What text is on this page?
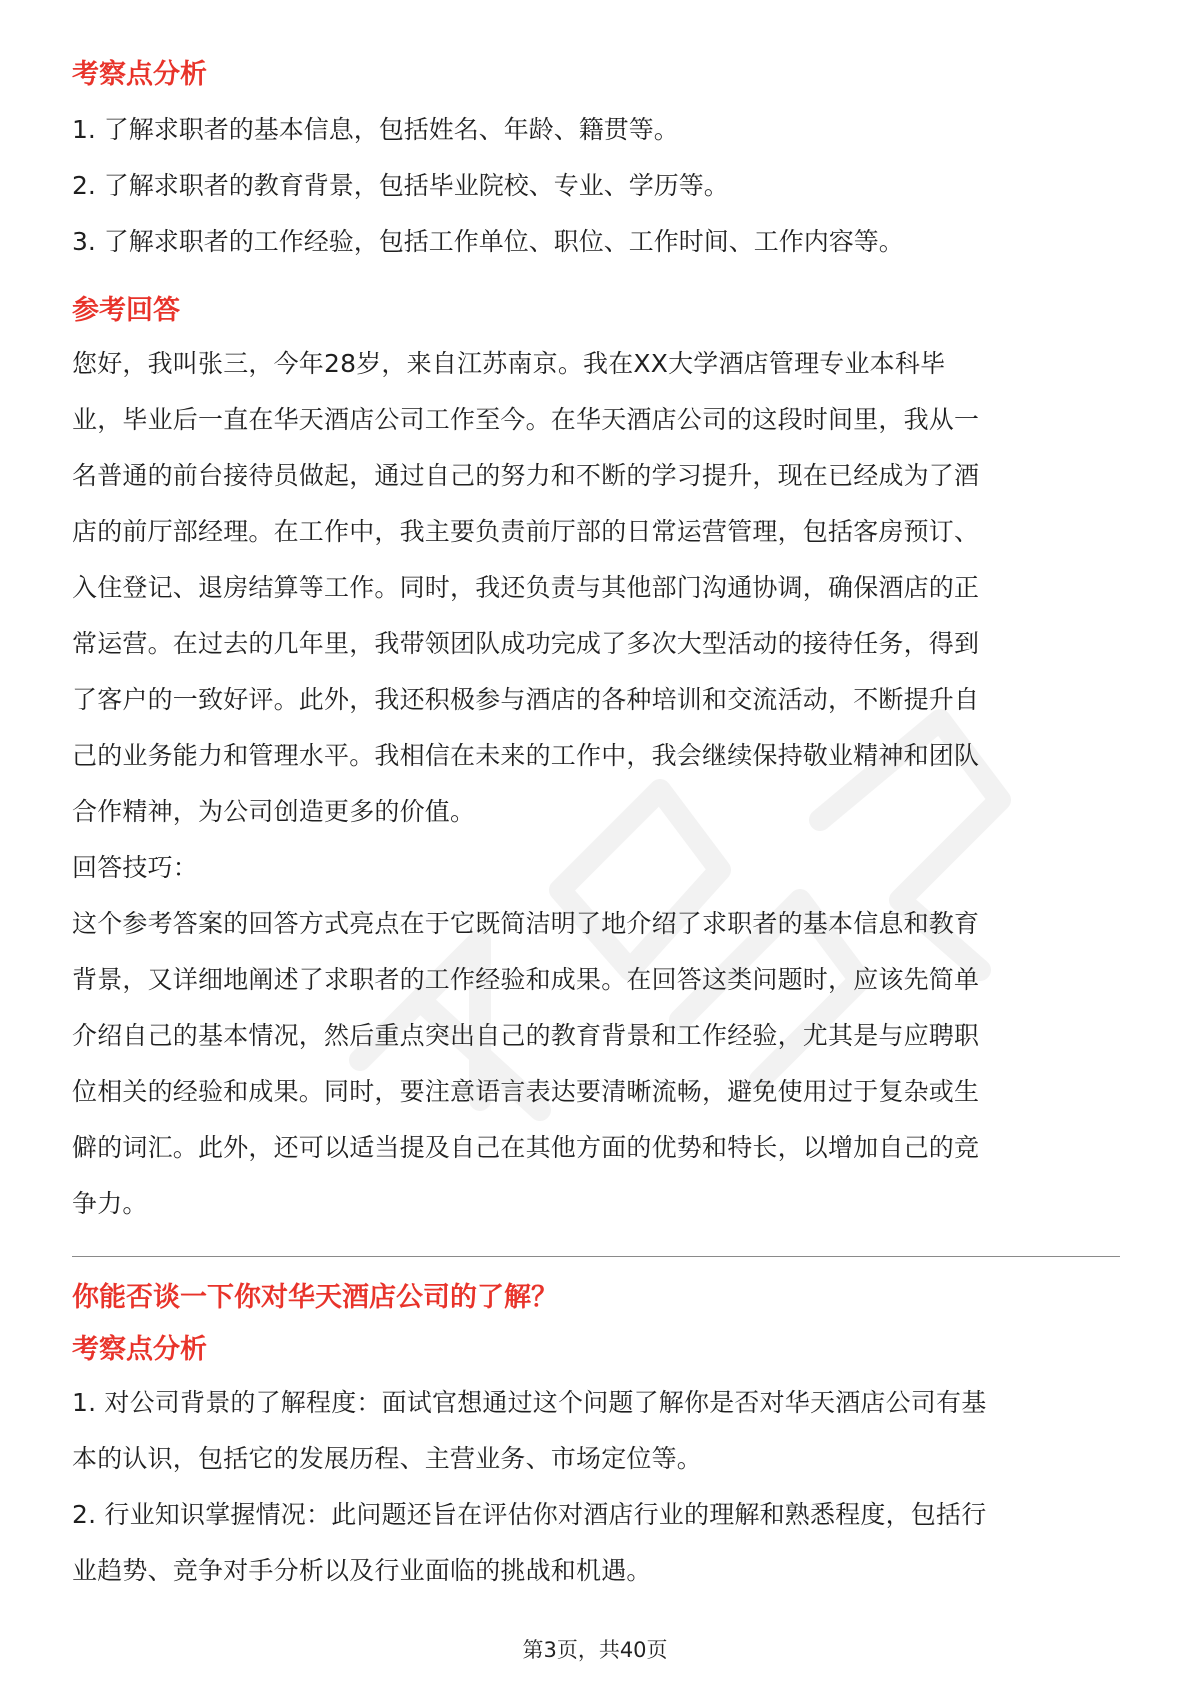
考察点分析

1. 了解求职者的基本信息，包括姓名、年龄、籍贯等。

2. 了解求职者的教育背景，包括毕业院校、专业、学历等。

3. 了解求职者的工作经验，包括工作单位、职位、工作时间、工作内容等。

参考回答

您好，我叫张三，今年28岁，来自江苏南京。我在XX大学酒店管理专业本科毕

业，毕业后一直在华天酒店公司工作至今。在华天酒店公司的这段时间里，我从一

名普通的前台接待员做起，通过自己的努力和不断的学习提升，现在已经成为了酒

店的前厅部经理。在工作中，我主要负责前厅部的日常运营管理，包括客房预订、

入住登记、退房结算等工作。同时，我还负责与其他部门沟通协调，确保酒店的正

常运营。在过去的几年里，我带领团队成功完成了多次大型活动的接待任务，得到

了客户的一致好评。此外，我还积极参与酒店的各种培训和交流活动，不断提升自

己的业务能力和管理水平。我相信在未来的工作中，我会继续保持敬业精神和团队

合作精神，为公司创造更多的价值。

回答技巧：

这个参考答案的回答方式亮点在于它既简洁明了地介绍了求职者的基本信息和教育

背景，又详细地阐述了求职者的工作经验和成果。在回答这类问题时，应该先简单

介绍自己的基本情况，然后重点突出自己的教育背景和工作经验，尤其是与应聘职

位相关的经验和成果。同时，要注意语言表达要清晰流畅，避免使用过于复杂或生

僻的词汇。此外，还可以适当提及自己在其他方面的优势和特长，以增加自己的竞

争力。

你能否谈一下你对华天酒店公司的了解？
考察点分析

1. 对公司背景的了解程度：面试官想通过这个问题了解你是否对华天酒店公司有基

本的认识，包括它的发展历程、主营业务、市场定位等。

2. 行业知识掌握情况：此问题还旨在评估你对酒店行业的理解和熟悉程度，包括行

业趋势、竞争对手分析以及行业面临的挑战和机遇。

第3页，共40页
